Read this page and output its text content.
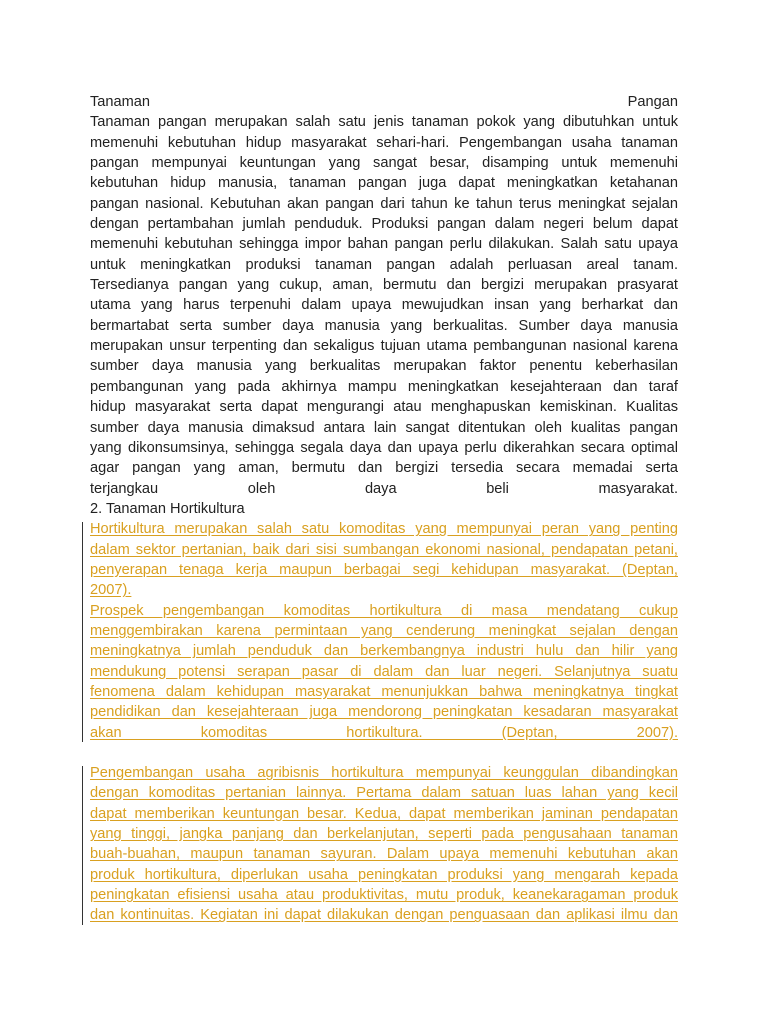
Tanaman	Pangan
Tanaman pangan merupakan salah satu jenis tanaman pokok yang dibutuhkan untuk
memenuhi kebutuhan hidup masyarakat sehari-hari. Pengembangan usaha tanaman
pangan mempunyai keuntungan yang sangat besar, disamping untuk memenuhi
kebutuhan hidup manusia, tanaman pangan juga dapat meningkatkan ketahanan
pangan nasional. Kebutuhan akan pangan dari tahun ke tahun terus meningkat sejalan
dengan pertambahan jumlah penduduk. Produksi pangan dalam negeri belum dapat
memenuhi kebutuhan sehingga impor bahan pangan perlu dilakukan. Salah satu upaya
untuk meningkatkan produksi tanaman pangan adalah perluasan areal tanam.
Tersedianya pangan yang cukup, aman, bermutu dan bergizi merupakan prasyarat
utama yang harus terpenuhi dalam upaya mewujudkan insan yang berharkat dan
bermartabat serta sumber daya manusia yang berkualitas. Sumber daya manusia
merupakan unsur terpenting dan sekaligus tujuan utama pembangunan nasional karena
sumber daya manusia yang berkualitas merupakan faktor penentu keberhasilan
pembangunan yang pada akhirnya mampu meningkatkan kesejahteraan dan taraf
hidup masyarakat serta dapat mengurangi atau menghapuskan kemiskinan. Kualitas
sumber daya manusia dimaksud antara lain sangat ditentukan oleh kualitas pangan
yang dikonsumsinya, sehingga segala daya dan upaya perlu dikerahkan secara optimal
agar pangan yang aman, bermutu dan bergizi tersedia secara memadai serta
terjangkau oleh daya beli masyarakat.
2. Tanaman Hortikultura
Hortikultura merupakan salah satu komoditas yang mempunyai peran yang penting
dalam sektor pertanian, baik dari sisi sumbangan ekonomi nasional, pendapatan petani,
penyerapan tenaga kerja maupun berbagai segi kehidupan masyarakat. (Deptan,
2007).
Prospek pengembangan komoditas hortikultura di masa mendatang cukup
menggembirakan karena permintaan yang cenderung meningkat sejalan dengan
meningkatnya jumlah penduduk dan berkembangnya industri hulu dan hilir yang
mendukung potensi serapan pasar di dalam dan luar negeri. Selanjutnya suatu
fenomena dalam kehidupan masyarakat menunjukkan bahwa meningkatnya tingkat
pendidikan dan kesejahteraan juga mendorong peningkatan kesadaran masyarakat
akan komoditas hortikultura. (Deptan, 2007).
Pengembangan usaha agribisnis hortikultura mempunyai keunggulan dibandingkan
dengan komoditas pertanian lainnya. Pertama dalam satuan luas lahan yang kecil
dapat memberikan keuntungan besar. Kedua, dapat memberikan jaminan pendapatan
yang tinggi, jangka panjang dan berkelanjutan, seperti pada pengusahaan tanaman
buah-buahan, maupun tanaman sayuran. Dalam upaya memenuhi kebutuhan akan
produk hortikultura, diperlukan usaha peningkatan produksi yang mengarah kepada
peningkatan efisiensi usaha atau produktivitas, mutu produk, keanekaragaman produk
dan kontinuitas. Kegiatan ini dapat dilakukan dengan penguasaan dan aplikasi ilmu dan
